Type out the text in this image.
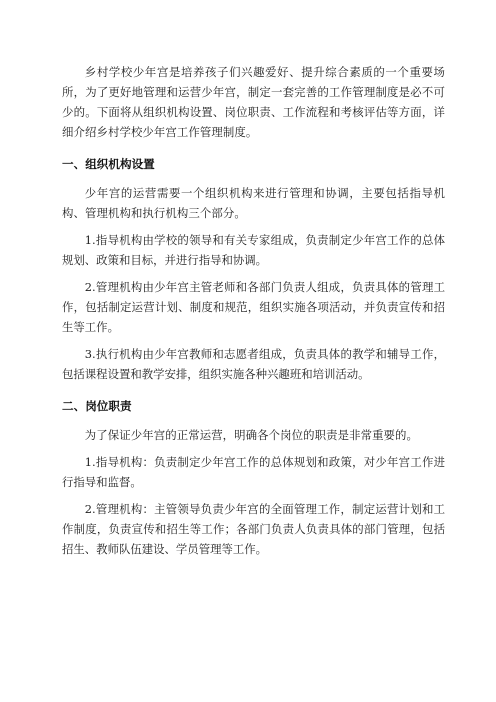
乡村学校少年宫是培养孩子们兴趣爱好、提升综合素质的一个重要场所，为了更好地管理和运营少年宫，制定一套完善的工作管理制度是必不可少的。下面将从组织机构设置、岗位职责、工作流程和考核评估等方面，详细介绍乡村学校少年宫工作管理制度。

一、组织机构设置

少年宫的运营需要一个组织机构来进行管理和协调，主要包括指导机构、管理机构和执行机构三个部分。

1.指导机构由学校的领导和有关专家组成，负责制定少年宫工作的总体规划、政策和目标，并进行指导和协调。

2.管理机构由少年宫主管老师和各部门负责人组成，负责具体的管理工作，包括制定运营计划、制度和规范，组织实施各项活动，并负责宣传和招生等工作。

3.执行机构由少年宫教师和志愿者组成，负责具体的教学和辅导工作，包括课程设置和教学安排，组织实施各种兴趣班和培训活动。

二、岗位职责

为了保证少年宫的正常运营，明确各个岗位的职责是非常重要的。

1.指导机构：负责制定少年宫工作的总体规划和政策，对少年宫工作进行指导和监督。

2.管理机构：主管领导负责少年宫的全面管理工作，制定运营计划和工作制度，负责宣传和招生等工作；各部门负责人负责具体的部门管理，包括招生、教师队伍建设、学员管理等工作。
